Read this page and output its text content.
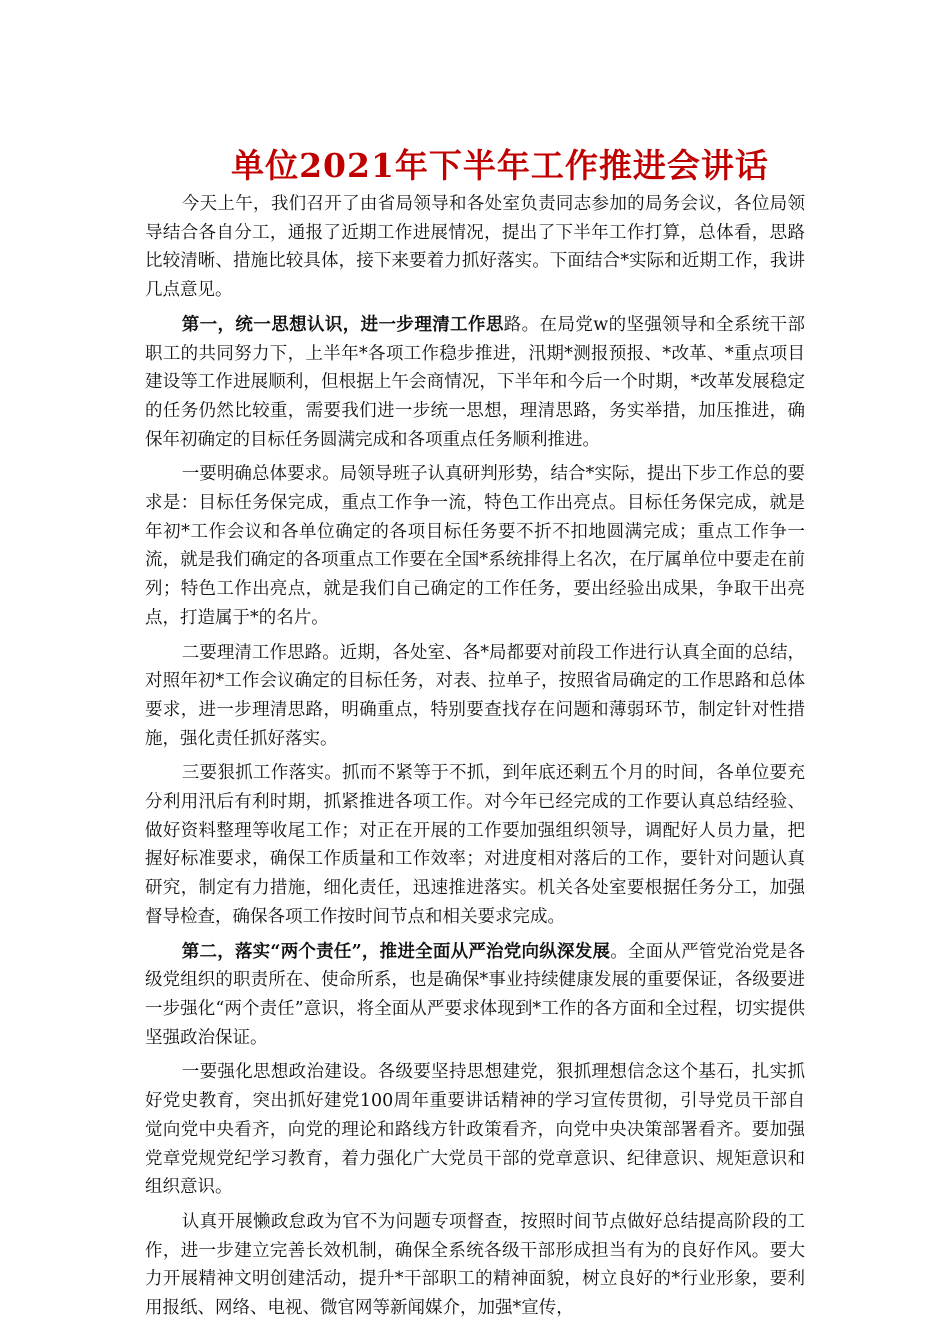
单位2021年下半年工作推进会讲话

今天上午，我们召开了由省局领导和各处室负责同志参加的局务会议，各位局领导结合各自分工，通报了近期工作进展情况，提出了下半年工作打算，总体看，思路比较清晰、措施比较具体，接下来要着力抓好落实。下面结合*实际和近期工作，我讲几点意见。

第一，统一思想认识，进一步理清工作思路。在局党w的坚强领导和全系统干部职工的共同努力下，上半年*各项工作稳步推进，汛期*测报预报、*改革、*重点项目建设等工作进展顺利，但根据上午会商情况，下半年和今后一个时期，*改革发展稳定的任务仍然比较重，需要我们进一步统一思想，理清思路，务实举措，加压推进，确保年初确定的目标任务圆满完成和各项重点任务顺利推进。

一要明确总体要求。局领导班子认真研判形势，结合*实际，提出下步工作总的要求是：目标任务保完成，重点工作争一流，特色工作出亮点。目标任务保完成，就是年初*工作会议和各单位确定的各项目标任务要不折不扣地圆满完成；重点工作争一流，就是我们确定的各项重点工作要在全国*系统排得上名次，在厅属单位中要走在前列；特色工作出亮点，就是我们自己确定的工作任务，要出经验出成果，争取干出亮点，打造属于*的名片。

二要理清工作思路。近期，各处室、各*局都要对前段工作进行认真全面的总结，对照年初*工作会议确定的目标任务，对表、拉单子，按照省局确定的工作思路和总体要求，进一步理清思路，明确重点，特别要查找存在问题和薄弱环节，制定针对性措施，强化责任抓好落实。

三要狠抓工作落实。抓而不紧等于不抓，到年底还剩五个月的时间，各单位要充分利用汛后有利时期，抓紧推进各项工作。对今年已经完成的工作要认真总结经验、做好资料整理等收尾工作；对正在开展的工作要加强组织领导，调配好人员力量，把握好标准要求，确保工作质量和工作效率；对进度相对落后的工作，要针对问题认真研究，制定有力措施，细化责任，迅速推进落实。机关各处室要根据任务分工，加强督导检查，确保各项工作按时间节点和相关要求完成。

第二，落实“两个责任”，推进全面从严治党向纵深发展。全面从严管党治党是各级党组织的职责所在、使命所系，也是确保*事业持续健康发展的重要保证，各级要进一步强化“两个责任”意识，将全面从严要求体现到*工作的各方面和全过程，切实提供坚强政治保证。

一要强化思想政治建设。各级要坚持思想建党，狠抓理想信念这个基石，扎实抓好党史教育，突出抓好建党100周年重要讲话精神的学习宣传贯彻，引导党员干部自觉向党中央看齐，向党的理论和路线方针政策看齐，向党中央决策部署看齐。要加强党章党规党纪学习教育，着力强化广大党员干部的党章意识、纪律意识、规矩意识和组织意识。

认真开展懒政怠政为官不为问题专项督查，按照时间节点做好总结提高阶段的工作，进一步建立完善长效机制，确保全系统各级干部形成担当有为的良好作风。要大力开展精神文明创建活动，提升*干部职工的精神面貌，树立良好的*行业形象，要利用报纸、网络、电视、微官网等新闻媒介，加强*宣传，
